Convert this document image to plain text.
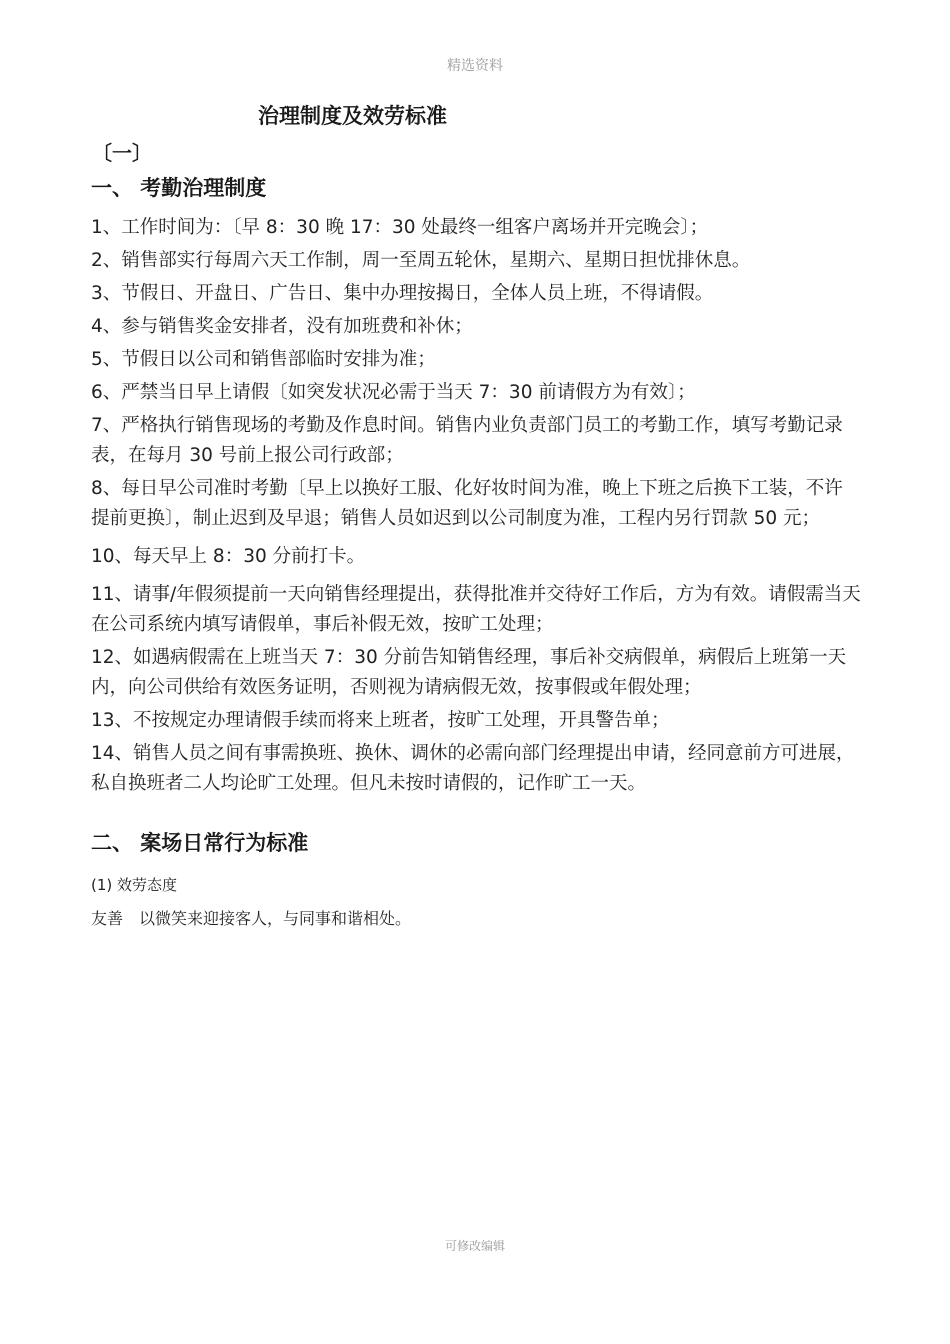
精选资料
治理制度及效劳标准
〔一〕
一、 考勤治理制度

1、工作时间为：〔早 8：30 晚 17：30 处最终一组客户离场并开完晚会〕；

2、销售部实行每周六天工作制，周一至周五轮休，星期六、星期日担忧排休息。

3、节假日、开盘日、广告日、集中办理按揭日，全体人员上班，不得请假。

4、参与销售奖金安排者，没有加班费和补休；

5、节假日以公司和销售部临时安排为准；

6、严禁当日早上请假〔如突发状况必需于当天 7：30 前请假方为有效〕；

7、严格执行销售现场的考勤及作息时间。销售内业负责部门员工的考勤工作，填写考勤记录表，在每月 30 号前上报公司行政部；

8、每日早公司准时考勤〔早上以换好工服、化好妆时间为准，晚上下班之后换下工装，不许提前更换〕，制止迟到及早退；销售人员如迟到以公司制度为准，工程内另行罚款 50 元；

10、每天早上 8：30 分前打卡。

11、请事/年假须提前一天向销售经理提出，获得批准并交待好工作后，方为有效。请假需当天在公司系统内填写请假单，事后补假无效，按旷工处理；

12、如遇病假需在上班当天 7：30 分前告知销售经理，事后补交病假单，病假后上班第一天内，向公司供给有效医务证明，否则视为请病假无效，按事假或年假处理；

13、不按规定办理请假手续而将来上班者，按旷工处理，开具警告单；

14、销售人员之间有事需换班、换休、调休的必需向部门经理提出申请，经同意前方可进展，私自换班者二人均论旷工处理。但凡未按时请假的，记作旷工一天。

二、 案场日常行为标准
(1) 效劳态度
友善　以微笑来迎接客人，与同事和谐相处。
可修改编辑
